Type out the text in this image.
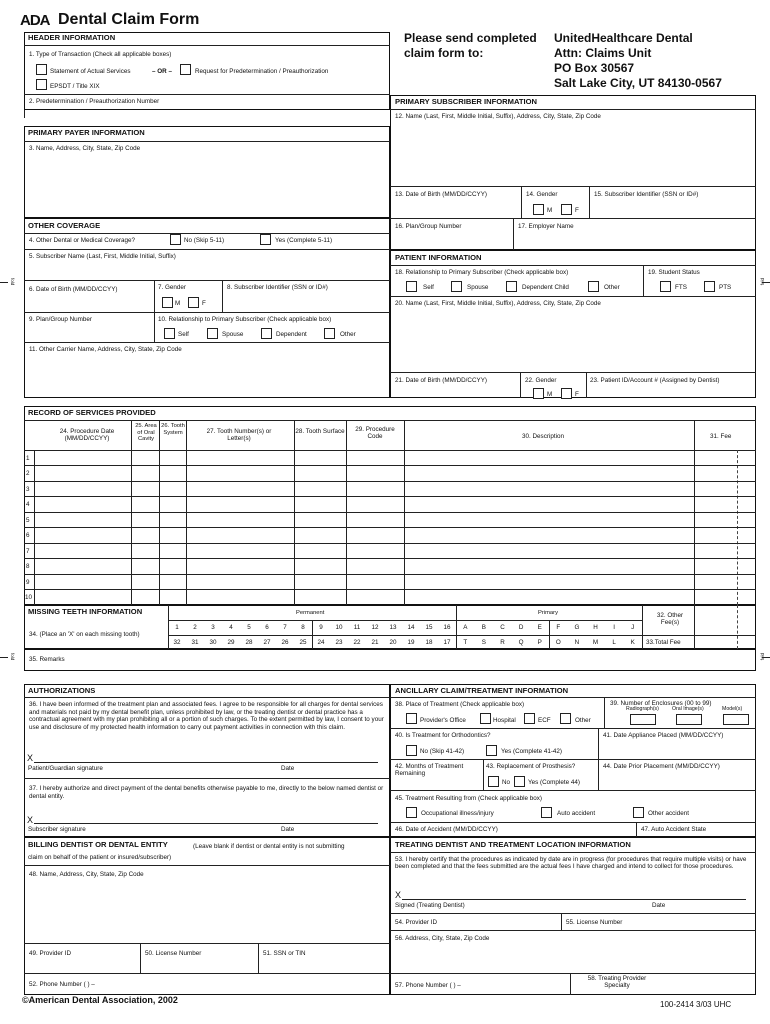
ADA Dental Claim Form
Please send completed claim form to:
UnitedHealthcare Dental
Attn: Claims Unit
PO Box 30567
Salt Lake City, UT 84130-0567
HEADER INFORMATION
1. Type of Transaction (Check all applicable boxes)
Statement of Actual Services	– OR –	Request for Predetermination / Preauthorization
EPSDT / Title XIX
2. Predetermination / Preauthorization Number
PRIMARY PAYER INFORMATION
3. Name, Address, City, State, Zip Code
OTHER COVERAGE
4. Other Dental or Medical Coverage?	No (Skip 5-11)	Yes (Complete 5-11)
5. Subscriber Name (Last, First, Middle Initial, Suffix)
6. Date of Birth (MM/DD/CCYY)	7. Gender
M	F
8. Subscriber Identifier (SSN or ID#)
9. Plan/Group Number	10. Relationship to Primary Subscriber (Check applicable box)
Self	Spouse	Dependent	Other
11. Other Carrier Name, Address, City, State, Zip Code
PRIMARY SUBSCRIBER INFORMATION
12. Name (Last, First, Middle Initial, Suffix), Address, City, State, Zip Code
13. Date of Birth (MM/DD/CCYY)	14. Gender
M	F
15. Subscriber Identifier (SSN or ID#)
16. Plan/Group Number	17. Employer Name
PATIENT INFORMATION
18. Relationship to Primary Subscriber (Check applicable box)	19. Student Status
Self	Spouse	Dependent Child	Other	FTS	PTS
20. Name (Last, First, Middle Initial, Suffix), Address, City, State, Zip Code
21. Date of Birth (MM/DD/CCYY)	22. Gender
M	F
23. Patient ID/Account # (Assigned by Dentist)
RECORD OF SERVICES PROVIDED
24. Procedure Date (MM/DD/CCYY)
25. Area of Oral Cavity
26. Tooth System	27. Tooth Number(s) or Letter(s)
28. Tooth Surface	29. Procedure Code	30. Description	31. Fee
1
2
3
4
5
6
7
8
9
10
MISSING TEETH INFORMATION
34. (Place an 'X' on each missing tooth)
Permanent	Primary
1	2	3	4	5	6	7	8	9	10	11	12	13	14	15	16
32	31	30	29	28	27	26	25	24	23	22	21	20	19	18	17
A	B	C	D	E	F	G	H	I	J
T	S	R	Q	P	O	N	M	L	K
32. Other Fee(s)
33.Total Fee
35. Remarks
AUTHORIZATIONS
36. I have been informed of the treatment plan and associated fees. I agree to be responsible for all charges for dental services and materials not paid by my dental benefit plan, unless prohibited by law, or the treating dentist or dental practice has a contractual agreement with my plan prohibiting all or a portion of such charges. To the extent permitted by law, I consent to your use and disclosure of my protected health information to carry out payment activities in connection with this claim.
X
Patient/Guardian signature	Date
37. I hereby authorize and direct payment of the dental benefits otherwise payable to me, directly to the below named dentist or dental entity.
X
Subscriber signature	Date
ANCILLARY CLAIM/TREATMENT INFORMATION
38. Place of Treatment (Check applicable box)
Provider's Office	Hospital	ECF	Other
39. Number of Enclosures (00 to 99)
Radiograph(s)	Oral Image(s)	Model(s)
40. Is Treatment for Orthodontics?	41. Date Appliance Placed (MM/DD/CCYY)
No (Skip 41-42)	Yes (Complete 41-42)
42. Months of Treatment Remaining
43. Replacement of Prosthesis?
No	Yes (Complete 44)
44. Date Prior Placement (MM/DD/CCYY)
45. Treatment Resulting from (Check applicable box)
Occupational illness/injury	Auto accident	Other accident
46. Date of Accident (MM/DD/CCYY)	47. Auto Accident State
BILLING DENTIST OR DENTAL ENTITY	(Leave blank if dentist or dental entity is not submitting
claim on behalf of the patient or insured/subscriber)
48. Name, Address, City, State, Zip Code
49. Provider ID	50. License Number	51. SSN or TIN
52. Phone Number ( ) –
TREATING DENTIST AND TREATMENT LOCATION INFORMATION
53. I hereby certify that the procedures as indicated by date are in progress (for procedures that require multiple visits) or have been completed and that the fees submitted are the actual fees I have charged and intend to collect for those procedures.
X
Signed (Treating Dentist)	Date
54. Provider ID	55. License Number
56. Address, City, State, Zip Code
57. Phone Number ( ) –
58. Treating Provider Specialty
fold	fold
fold	fold
©American Dental Association, 2002	100-2414 3/03 UHC
